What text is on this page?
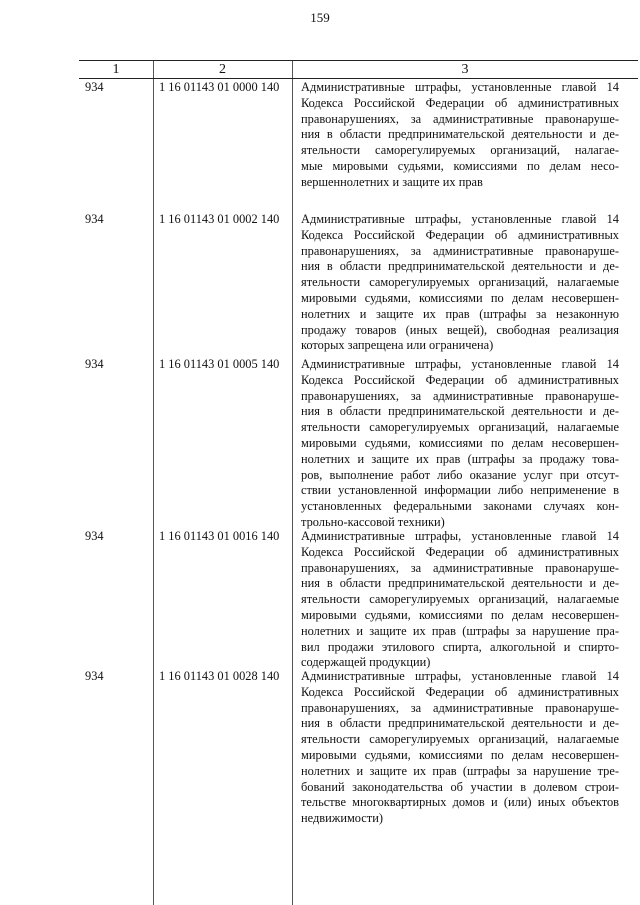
159
1	2	3
934	1 16 01143 01 0000 140 Административные штрафы, установленные главой 14
Кодекса Российской Федерации об административных
правонарушениях, за административные правонаруше-
ния в области предпринимательской деятельности и де-
ятельности саморегулируемых организаций, налагае-
мые мировыми судьями, комиссиями по делам несо-
вершеннолетних и защите их прав
934	1 16 01143 01 0002 140 Административные штрафы, установленные главой 14
Кодекса Российской Федерации об административных
правонарушениях, за административные правонаруше-
ния в области предпринимательской деятельности и де-
ятельности саморегулируемых организаций, налагаемые
мировыми судьями, комиссиями по делам несовершен-
нолетних и защите их прав (штрафы за незаконную
продажу товаров (иных вещей), свободная реализация
которых запрещена или ограничена)
934	1 16 01143 01 0005 140 Административные штрафы, установленные главой 14
Кодекса Российской Федерации об административных
правонарушениях, за административные правонаруше-
ния в области предпринимательской деятельности и де-
ятельности саморегулируемых организаций, налагаемые
мировыми судьями, комиссиями по делам несовершен-
нолетних и защите их прав (штрафы за продажу това-
ров, выполнение работ либо оказание услуг при отсут-
ствии установленной информации либо неприменение в
установленных федеральными законами случаях кон-
трольно-кассовой техники)
934	1 16 01143 01 0016 140 Административные штрафы, установленные главой 14
Кодекса Российской Федерации об административных
правонарушениях, за административные правонаруше-
ния в области предпринимательской деятельности и де-
ятельности саморегулируемых организаций, налагаемые
мировыми судьями, комиссиями по делам несовершен-
нолетних и защите их прав (штрафы за нарушение пра-
вил продажи этилового спирта, алкогольной и спирто-
содержащей продукции)
934	1 16 01143 01 0028 140 Административные штрафы, установленные главой 14
Кодекса Российской Федерации об административных
правонарушениях, за административные правонаруше-
ния в области предпринимательской деятельности и де-
ятельности саморегулируемых организаций, налагаемые
мировыми судьями, комиссиями по делам несовершен-
нолетних и защите их прав (штрафы за нарушение тре-
бований законодательства об участии в долевом строи-
тельстве многоквартирных домов и (или) иных объектов
недвижимости)
